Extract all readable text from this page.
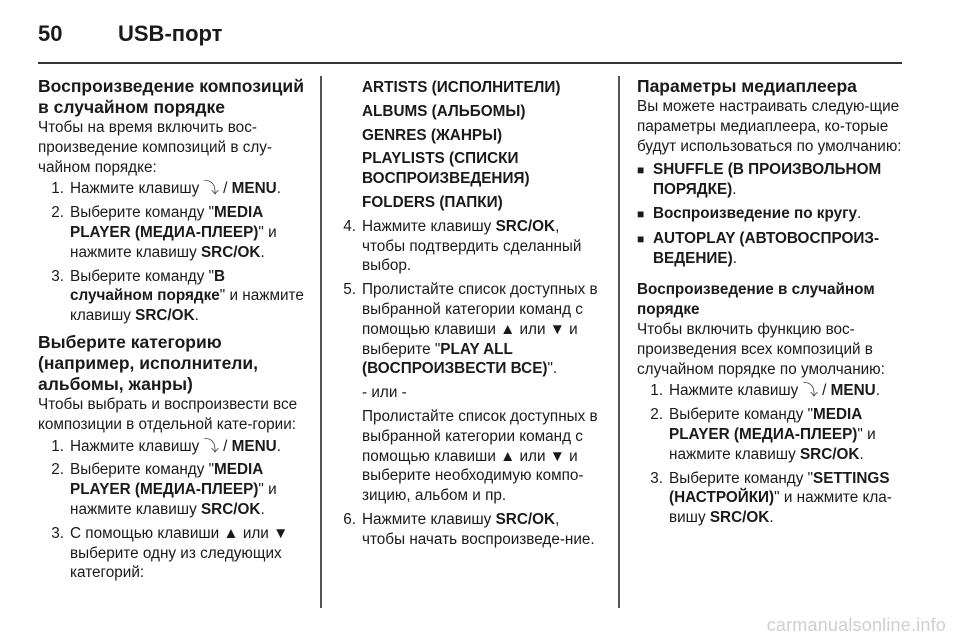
50	USB-порт
Воспроизведение композиций в случайном порядке

Чтобы на время включить вос-произведение композиций в слу-чайном порядке:

1. Нажмите клавишу ⤵ / MENU.
2. Выберите команду "MEDIA PLAYER (МЕДИА-ПЛЕЕР)" и нажмите клавишу SRC/OK.
3. Выберите команду "В случайном порядке" и нажмите клавишу SRC/OK.
Выберите категорию (например, исполнители, альбомы, жанры)

Чтобы выбрать и воспроизвести все композиции в отдельной кате-гории:

1. Нажмите клавишу ⤵ / MENU.
2. Выберите команду "MEDIA PLAYER (МЕДИА-ПЛЕЕР)" и нажмите клавишу SRC/OK.
3. С помощью клавиши ▲ или ▼ выберите одну из следующих категорий:
ARTISTS (ИСПОЛНИТЕЛИ)
ALBUMS (АЛЬБОМЫ)
GENRES (ЖАНРЫ)
PLAYLISTS (СПИСКИ ВОСПРОИЗВЕДЕНИЯ)
FOLDERS (ПАПКИ)
4. Нажмите клавишу SRC/OK, чтобы подтвердить сделанный выбор.
5. Пролистайте список доступных в выбранной категории команд с помощью клавиши ▲ или ▼ и выберите "PLAY ALL (ВОСПРОИЗВЕСТИ ВСЕ)".
- или -
Пролистайте список доступных в выбранной категории команд с помощью клавиши ▲ или ▼ и выберите необходимую компо-зицию, альбом и пр.
6. Нажмите клавишу SRC/OK, чтобы начать воспроизведе-ние.
Параметры медиаплеера

Вы можете настраивать следую-щие параметры медиаплеера, ко-торые будут использоваться по умолчанию:

■ SHUFFLE (В ПРОИЗВОЛЬНОМ ПОРЯДКЕ).
■ Воспроизведение по кругу.
■ AUTOPLAY (АВТОВОСПРОИЗ-ВЕДЕНИЕ).
Воспроизведение в случайном порядке

Чтобы включить функцию вос-произведения всех композиций в случайном порядке по умолчанию:

1. Нажмите клавишу ⤵ / MENU.
2. Выберите команду "MEDIA PLAYER (МЕДИА-ПЛЕЕР)" и нажмите клавишу SRC/OK.
3. Выберите команду "SETTINGS (НАСТРОЙКИ)" и нажмите кла-вишу SRC/OK.
carmanualsonline.info
